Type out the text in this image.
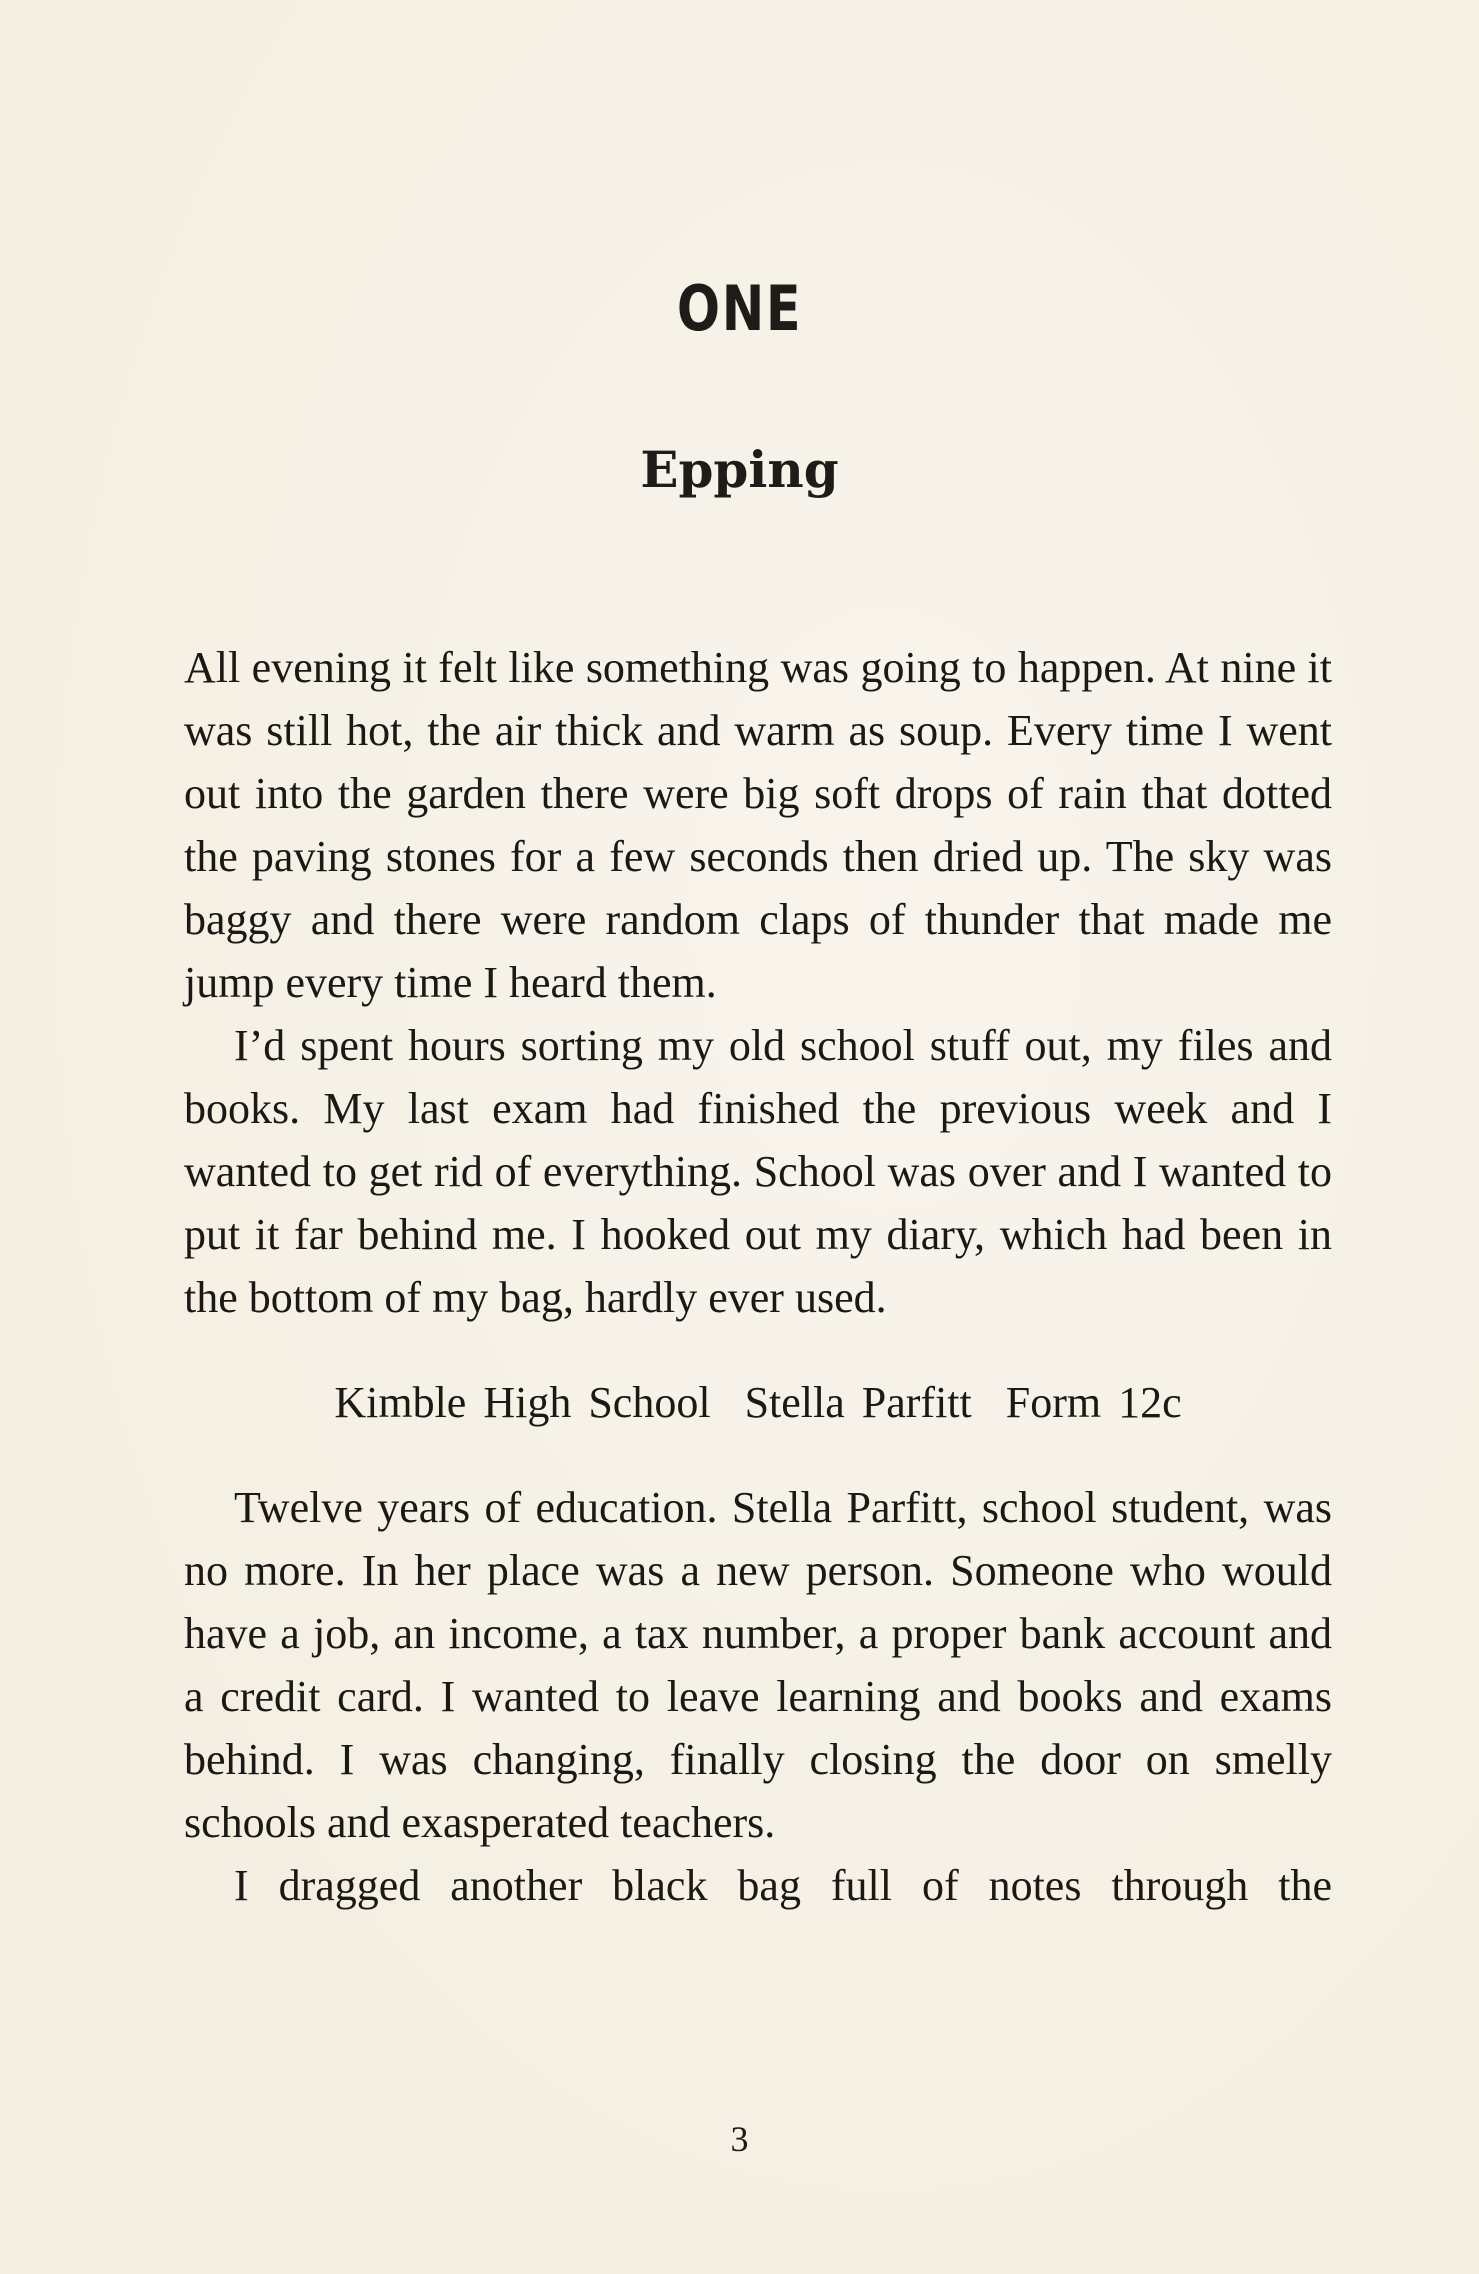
ONE
Epping

All evening it felt like something was going to happen. At nine it was still hot, the air thick and warm as soup. Every time I went out into the garden there were big soft drops of rain that dotted the paving stones for a few seconds then dried up. The sky was baggy and there were random claps of thunder that made me jump every time I heard them.

I’d spent hours sorting my old school stuff out, my files and books. My last exam had finished the previous week and I wanted to get rid of everything. School was over and I wanted to put it far behind me. I hooked out my diary, which had been in the bottom of my bag, hardly ever used.

Kimble High School  Stella Parfitt  Form 12c

Twelve years of education. Stella Parfitt, school student, was no more. In her place was a new person. Someone who would have a job, an income, a tax number, a proper bank account and a credit card. I wanted to leave learning and books and exams behind. I was changing, finally closing the door on smelly schools and exasperated teachers.

I dragged another black bag full of notes through the

3
